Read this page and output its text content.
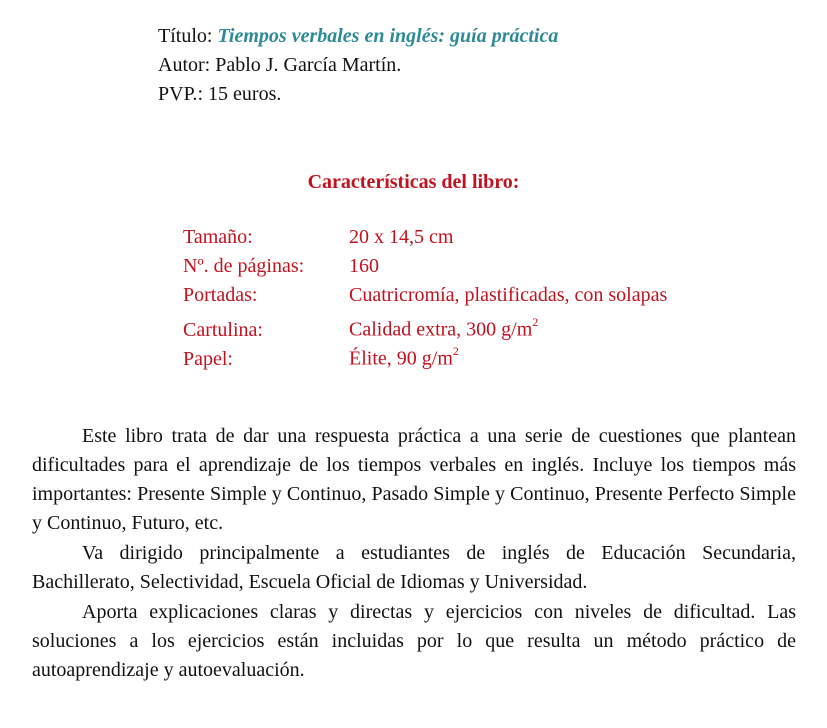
Título: Tiempos verbales en inglés: guía práctica
Autor: Pablo J. García Martín.
PVP.: 15 euros.
Características del libro:
Tamaño:	20 x 14,5 cm
Nº. de páginas: 160
Portadas:	Cuatricromía, plastificadas, con solapas
Cartulina:	Calidad extra, 300 $g/m^2$
Papel:	Élite, 90 $g/m^2$
Este libro trata de dar una respuesta práctica a una serie de cuestiones que plantean dificultades para el aprendizaje de los tiempos verbales en inglés. Incluye los tiempos más importantes: Presente Simple y Continuo, Pasado Simple y Continuo, Presente Perfecto Simple y Continuo, Futuro, etc.
Va dirigido principalmente a estudiantes de inglés de Educación Secundaria, Bachillerato, Selectividad, Escuela Oficial de Idiomas y Universidad.
Aporta explicaciones claras y directas y ejercicios con niveles de dificultad. Las soluciones a los ejercicios están incluidas por lo que resulta un método práctico de autoaprendizaje y autoevaluación.
